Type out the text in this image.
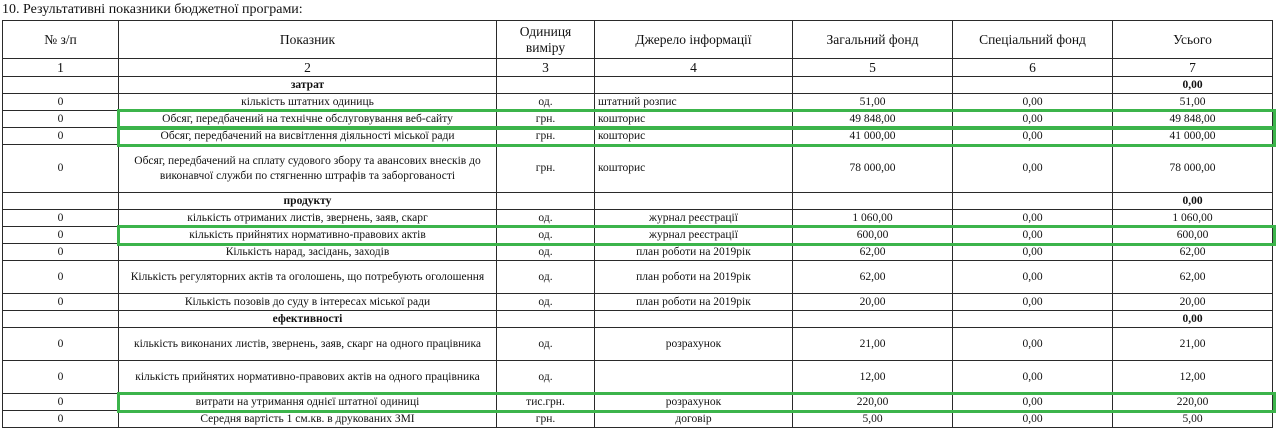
10. Результативні показники бюджетної програми:
№ з/п	Показник	Одиниця виміру	Джерело інформації	Загальний фонд	Спеціальний фонд	Усього
1	2	3	4	5	6	7
	затрат					0,00
0	кількість штатних одиниць	од.	штатний розпис	51,00	0,00	51,00
0	Обсяг, передбачений на технічне обслуговування веб-сайту	грн.	кошторис	49 848,00	0,00	49 848,00
0	Обсяг, передбачений на висвітлення діяльності міської ради	грн.	кошторис	41 000,00	0,00	41 000,00
0	Обсяг, передбачений на сплату судового збору та авансових внесків до виконавчої служби по стягненню штрафів та заборгованості	грн.	кошторис	78 000,00	0,00	78 000,00
	продукту					0,00
0	кількість отриманих листів, звернень, заяв, скарг	од.	журнал реєстрації	1 060,00	0,00	1 060,00
0	кількість прийнятих нормативно-правових актів	од.	журнал реєстрації	600,00	0,00	600,00
0	Кількість нарад, засідань, заходів	од.	план роботи на 2019рік	62,00	0,00	62,00
0	Кількість регуляторних актів та оголошень, що потребують оголошення	од.	план роботи на 2019рік	62,00	0,00	62,00
0	Кількість позовів до суду в інтересах міської ради	од.	план роботи на 2019рік	20,00	0,00	20,00
	ефективності					0,00
0	кількість виконаних листів, звернень, заяв, скарг на одного працівника	од.	розрахунок	21,00	0,00	21,00
0	кількість прийнятих нормативно-правових актів на одного працівника	од.		12,00	0,00	12,00
0	витрати на утримання однієї штатної одиниці	тис.грн.	розрахунок	220,00	0,00	220,00
0	Середня вартість 1 см.кв. в друкованих ЗМІ	грн.	договір	5,00	0,00	5,00
